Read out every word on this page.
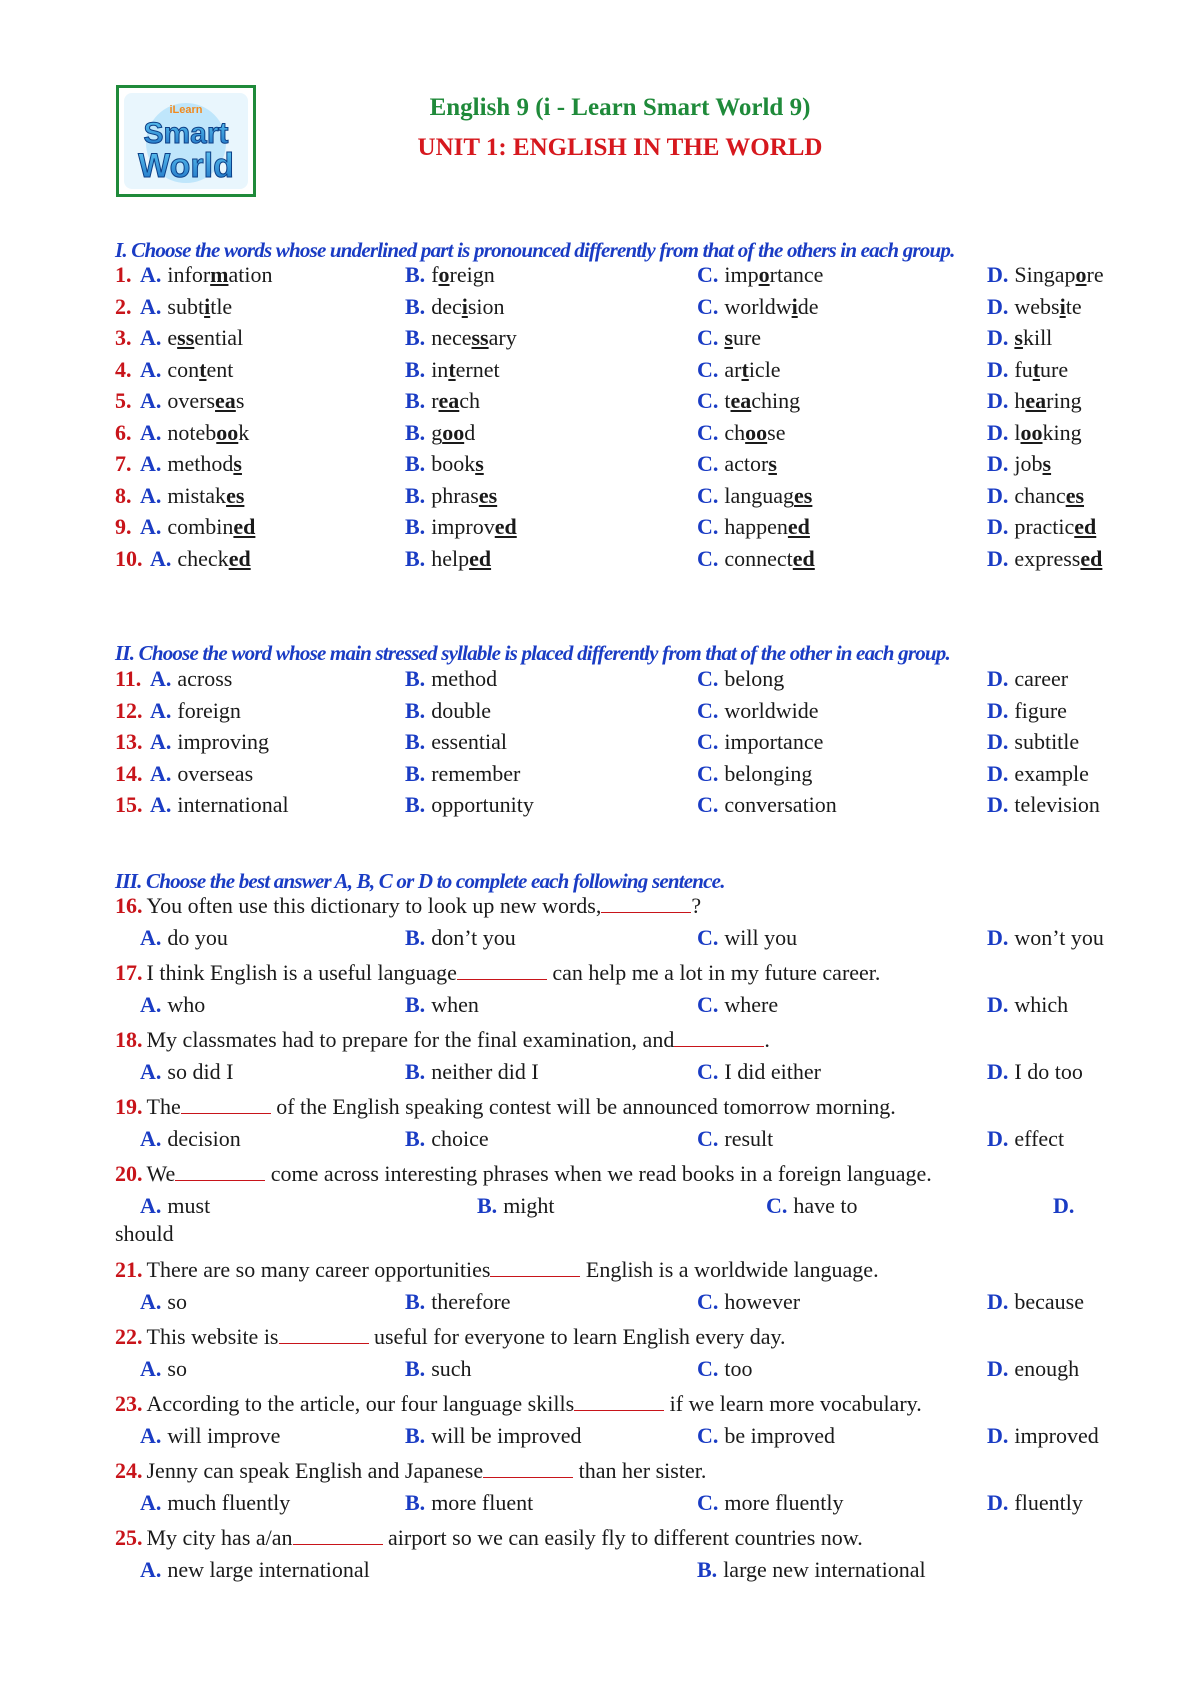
iLearn
Smart
World
English 9 (i - Learn Smart World 9)
UNIT 1: ENGLISH IN THE WORLD
I. Choose the words whose underlined part is pronounced differently from that of the others in each group.
1. A. information	B. foreign	C. importance	D. Singapore
2. A. subtitle	B. decision	C. worldwide	D. website
3. A. essential	B. necessary	C. sure	D. skill
4. A. content	B. internet	C. article	D. future
5. A. overseas	B. reach	C. teaching	D. hearing
6. A. notebook	B. good	C. choose	D. looking
7. A. methods	B. books	C. actors	D. jobs
8. A. mistakes	B. phrases	C. languages	D. chances
9. A. combined	B. improved	C. happened	D. practiced
10. A. checked	B. helped	C. connected	D. expressed
II. Choose the word whose main stressed syllable is placed differently from that of the other in each group.
11. A. across	B. method	C. belong	D. career
12. A. foreign	B. double	C. worldwide	D. figure
13. A. improving	B. essential	C. importance	D. subtitle
14. A. overseas	B. remember	C. belonging	D. example
15. A. international	B. opportunity	C. conversation	D. television
III. Choose the best answer A, B, C or D to complete each following sentence.
16. You often use this dictionary to look up new words,	?
A. do you	B. don’t you	C. will you	D. won’t you
17. I think English is a useful language	can help me a lot in my future career.
A. who	B. when	C. where	D. which
18. My classmates had to prepare for the final examination, and	.
A. so did I	B. neither did I	C. I did either	D. I do too
19. The	of the English speaking contest will be announced tomorrow morning.
A. decision	B. choice	C. result	D. effect
20. We	come across interesting phrases when we read books in a foreign language.
A. must	B. might	C. have to	D.
should
21. There are so many career opportunities	English is a worldwide language.
A. so	B. therefore	C. however	D. because
22. This website is	useful for everyone to learn English every day.
A. so	B. such	C. too	D. enough
23. According to the article, our four language skills	if we learn more vocabulary.
A. will improve	B. will be improved	C. be improved	D. improved
24. Jenny can speak English and Japanese	than her sister.
A. much fluently	B. more fluent	C. more fluently	D. fluently
25. My city has a/an	airport so we can easily fly to different countries now.
A. new large international	B. large new international
